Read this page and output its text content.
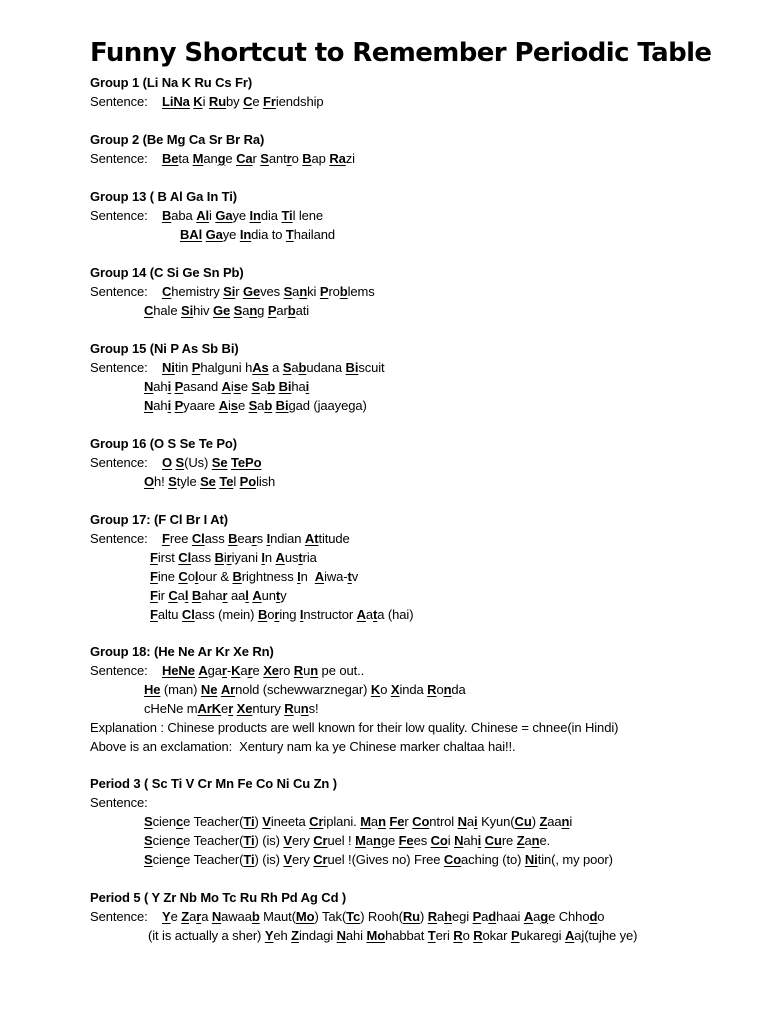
Funny Shortcut to Remember Periodic Table
Group 1 (Li Na K Ru Cs Fr)
Sentence: LiNa Ki Ruby Ce Friendship
Group 2 (Be Mg Ca Sr Br Ra)
Sentence: Beta Mange Car Santro Bap Razi
Group 13 ( B Al Ga In Ti)
Sentence: Baba Ali Gaye India Til lene
BAl Gaye India to Thailand
Group 14 (C Si Ge Sn Pb)
Sentence: Chemistry Sir Geves Sanki Problems
Chale Sihiv Ge Sang Parbati
Group 15 (Ni P As Sb Bi)
Sentence: Nitin Phalguni hAs a Sabudana Biscuit
Nahi Pasand Aise Sab Bihai
Nahi Pyaare Aise Sab Bigad (jaayega)
Group 16 (O S Se Te Po)
Sentence: O S(Us) Se TePo
Oh! Style Se Tel Polish
Group 17: (F Cl Br I At)
Sentence: Free Class Bears Indian Attitude
First Class Biriyani In Austria
Fine Colour & Brightness In  Aiwa-tv
Fir Cal Bahar aal Aunty
Faltu Class (mein) Boring Instructor Aata (hai)
Group 18: (He Ne Ar Kr Xe Rn)
Sentence: HeNe Agar-Kare Xero Run pe out..
He (man) Ne Arnold (schewwarznegar) Ko Xinda Ronda
cHeNe mArKer Xentury Runs!
Explanation : Chinese products are well known for their low quality. Chinese = chnee(in Hindi)
Above is an exclamation:  Xentury nam ka ye Chinese marker chaltaa hai!!.
Period 3 ( Sc Ti V Cr Mn Fe Co Ni Cu Zn )
Sentence:
Science Teacher(Ti) Vineeta Criplani. Man Fer Control Nai Kyun(Cu) Zaani
Science Teacher(Ti) (is) Very Cruel ! Mange Fees Coi Nahi Cure Zane.
Science Teacher(Ti) (is) Very Cruel !(Gives no) Free Coaching (to) Nitin(, my poor)
Period 5 ( Y Zr Nb Mo Tc Ru Rh Pd Ag Cd )
Sentence:Ye Zara Nawaab Maut(Mo) Tak(Tc) Rooh(Ru) Rahegi Padhaai Aage Chhodo
(it is actually a sher) Yeh Zindagi Nahi Mohabbat Teri Ro Rokar Pukaregi Aaj(tujhe ye)
